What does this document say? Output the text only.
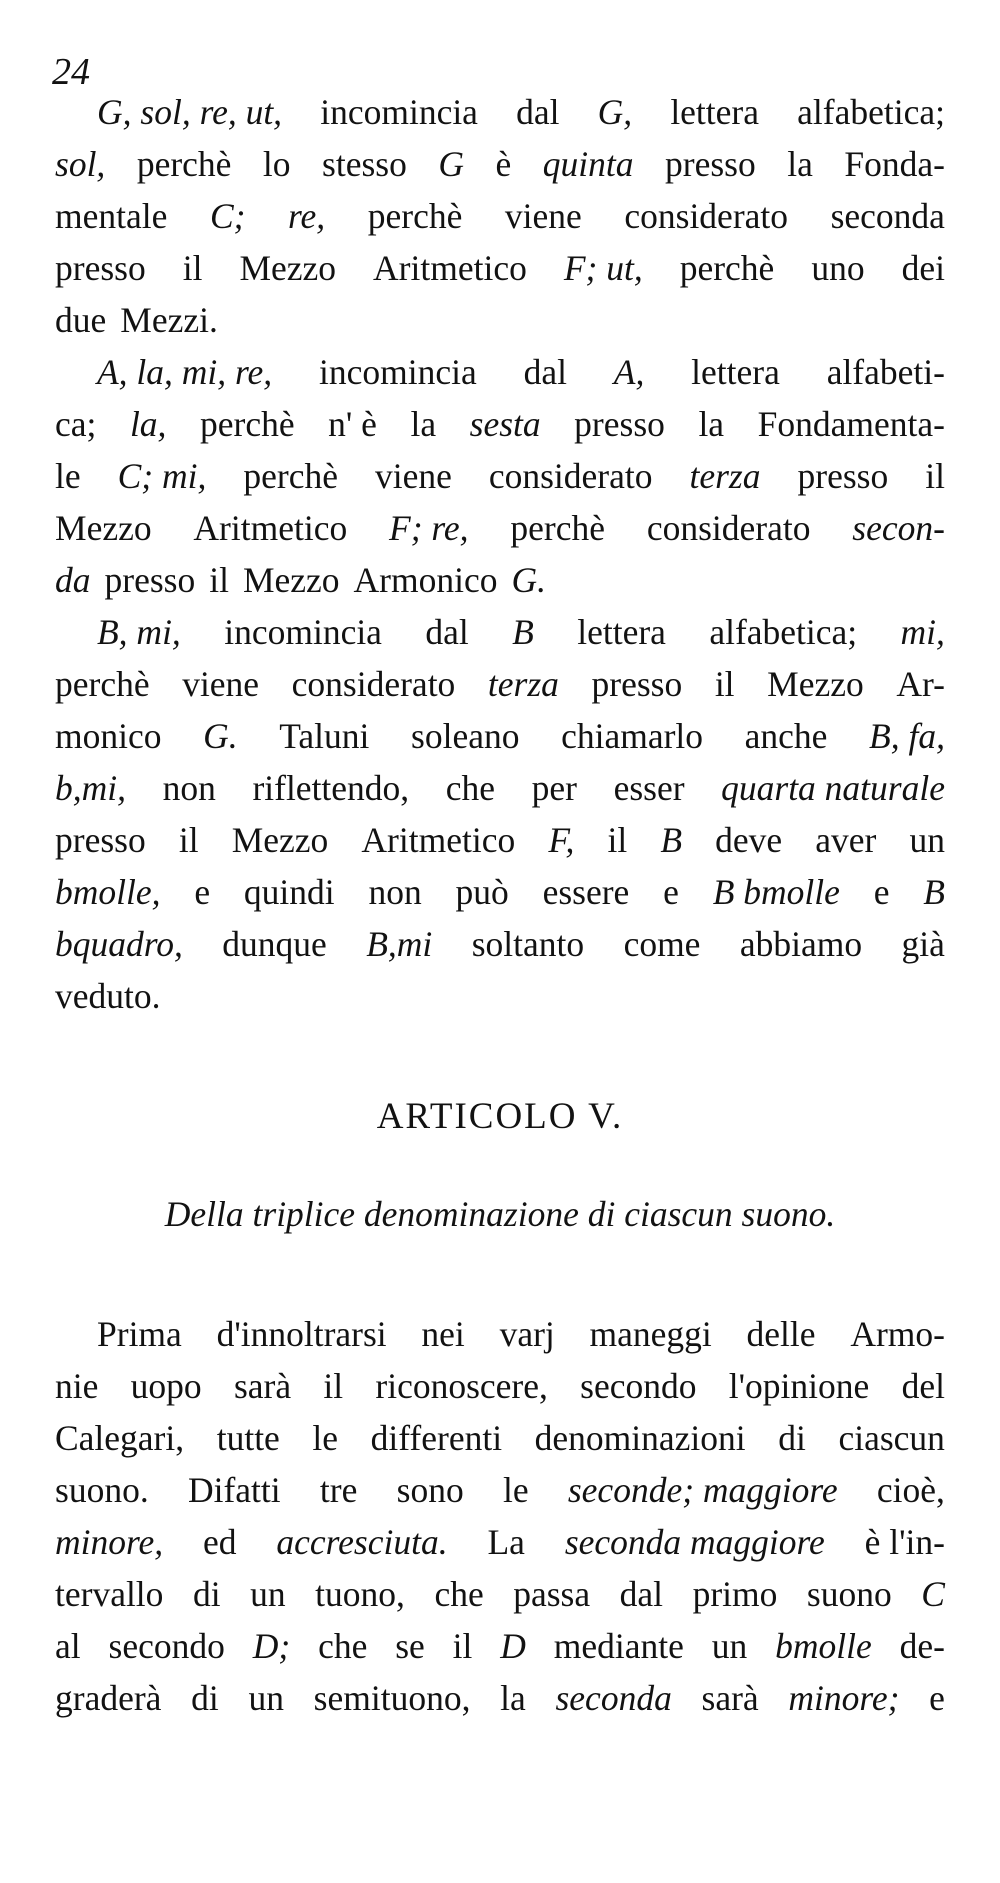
24
G, sol, re, ut, incomincia dal G, lettera alfabetica;
sol, perchè lo stesso G è quinta presso la Fonda-
mentale C; re, perchè viene considerato seconda
presso il Mezzo Aritmetico F; ut, perchè uno dei
due Mezzi.
A, la, mi, re, incomincia dal A, lettera alfabeti-
ca; la, perchè n' è la sesta presso la Fondamenta-
le C; mi, perchè viene considerato terza presso il
Mezzo Aritmetico F; re, perchè considerato secon-
da presso il Mezzo Armonico G.
B, mi, incomincia dal B lettera alfabetica; mi,
perchè viene considerato terza presso il Mezzo Ar-
monico G. Taluni soleano chiamarlo anche B, fa,
b,mi, non riflettendo, che per esser quarta naturale
presso il Mezzo Aritmetico F, il B deve aver un
bmolle, e quindi non può essere e B bmolle e B
bquadro, dunque B,mi soltanto come abbiamo già
veduto.
ARTICOLO V.
Della triplice denominazione di ciascun suono.
Prima d'innoltrarsi nei varj maneggi delle Armo-
nie uopo sarà il riconoscere, secondo l'opinione del
Calegari, tutte le differenti denominazioni di ciascun
suono. Difatti tre sono le seconde; maggiore cioè,
minore, ed accresciuta. La seconda maggiore è l'in-
tervallo di un tuono, che passa dal primo suono C
al secondo D; che se il D mediante un bmolle de-
graderà di un semituono, la seconda sarà minore; e
